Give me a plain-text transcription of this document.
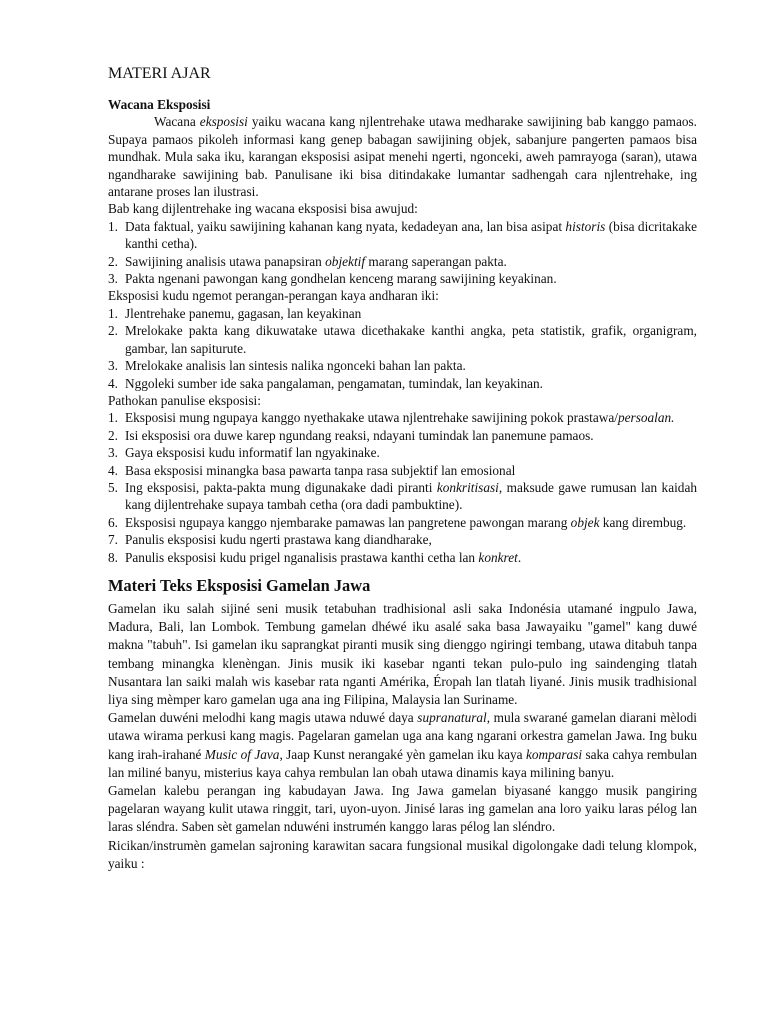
MATERI AJAR
Wacana Eksposisi
Wacana eksposisi yaiku wacana kang njlentrehake utawa medharake sawijining bab kanggo pamaos. Supaya pamaos pikoleh informasi kang genep babagan sawijining objek, sabanjure pangerten pamaos bisa mundhak. Mula saka iku, karangan eksposisi asipat menehi ngerti, ngonceki, aweh pamrayoga (saran), utawa ngandharake sawijining bab. Panulisane iki bisa ditindakake lumantar sadhengah cara njlentrehake, ing antarane proses lan ilustrasi.
Bab kang dijlentrehake ing wacana eksposisi bisa awujud:
1. Data faktual, yaiku sawijining kahanan kang nyata, kedadeyan ana, lan bisa asipat historis (bisa dicritakake kanthi cetha).
2. Sawijining analisis utawa panapsiran objektif marang saperangan pakta.
3. Pakta ngenani pawongan kang gondhelan kenceng marang sawijining keyakinan.
Eksposisi kudu ngemot perangan-perangan kaya andharan iki:
1. Jlentrehake panemu, gagasan, lan keyakinan
2. Mrelokake pakta kang dikuwatake utawa dicethakake kanthi angka, peta statistik, grafik, organigram, gambar, lan sapiturute.
3. Mrelokake analisis lan sintesis nalika ngonceki bahan lan pakta.
4. Nggoleki sumber ide saka pangalaman, pengamatan, tumindak, lan keyakinan.
Pathokan panulise eksposisi:
1. Eksposisi mung ngupaya kanggo nyethakake utawa njlentrehake sawijining pokok prastawa/persoalan.
2. Isi eksposisi ora duwe karep ngundang reaksi, ndayani tumindak lan panemune pamaos.
3. Gaya eksposisi kudu informatif lan ngyakinake.
4. Basa eksposisi minangka basa pawarta tanpa rasa subjektif lan emosional
5. Ing eksposisi, pakta-pakta mung digunakake dadi piranti konkritisasi, maksude gawe rumusan lan kaidah kang dijlentrehake supaya tambah cetha (ora dadi pambuktine).
6. Eksposisi ngupaya kanggo njembarake pamawas lan pangretene pawongan marang objek kang dirembug.
7. Panulis eksposisi kudu ngerti prastawa kang diandharake,
8. Panulis eksposisi kudu prigel nganalisis prastawa kanthi cetha lan konkret.
Materi Teks Eksposisi Gamelan Jawa
Gamelan iku salah sijiné seni musik tetabuhan tradhisional asli saka Indonésia utamané ingpulo Jawa, Madura, Bali, lan Lombok. Tembung gamelan dhéwé iku asalé saka basa Jawayaiku "gamel" kang duwé makna "tabuh". Isi gamelan iku saprangkat piranti musik sing dienggo ngiringi tembang, utawa ditabuh tanpa tembang minangka klenèngan. Jinis musik iki kasebar nganti tekan pulo-pulo ing saindenging tlatah Nusantara lan saiki malah wis kasebar rata nganti Amérika, Éropah lan tlatah liyané. Jinis musik tradhisional liya sing mèmper karo gamelan uga ana ing Filipina, Malaysia lan Suriname.
Gamelan duwéni melodhi kang magis utawa nduwé daya supranatural, mula swarané gamelan diarani mèlodi utawa wirama perkusi kang magis. Pagelaran gamelan uga ana kang ngarani orkestra gamelan Jawa. Ing buku kang irah-irahané Music of Java, Jaap Kunst nerangaké yèn gamelan iku kaya komparasi saka cahya rembulan lan miliné banyu, misterius kaya cahya rembulan lan obah utawa dinamis kaya milining banyu.
Gamelan kalebu perangan ing kabudayan Jawa. Ing Jawa gamelan biyasané kanggo musik pangiring pagelaran wayang kulit utawa ringgit, tari, uyon-uyon. Jinisé laras ing gamelan ana loro yaiku laras pélog lan laras sléndra. Saben sèt gamelan nduwéni instrumén kanggo laras pélog lan sléndro.
Ricikan/instrumèn gamelan sajroning karawitan sacara fungsional musikal digolongake dadi telung klompok, yaiku :
